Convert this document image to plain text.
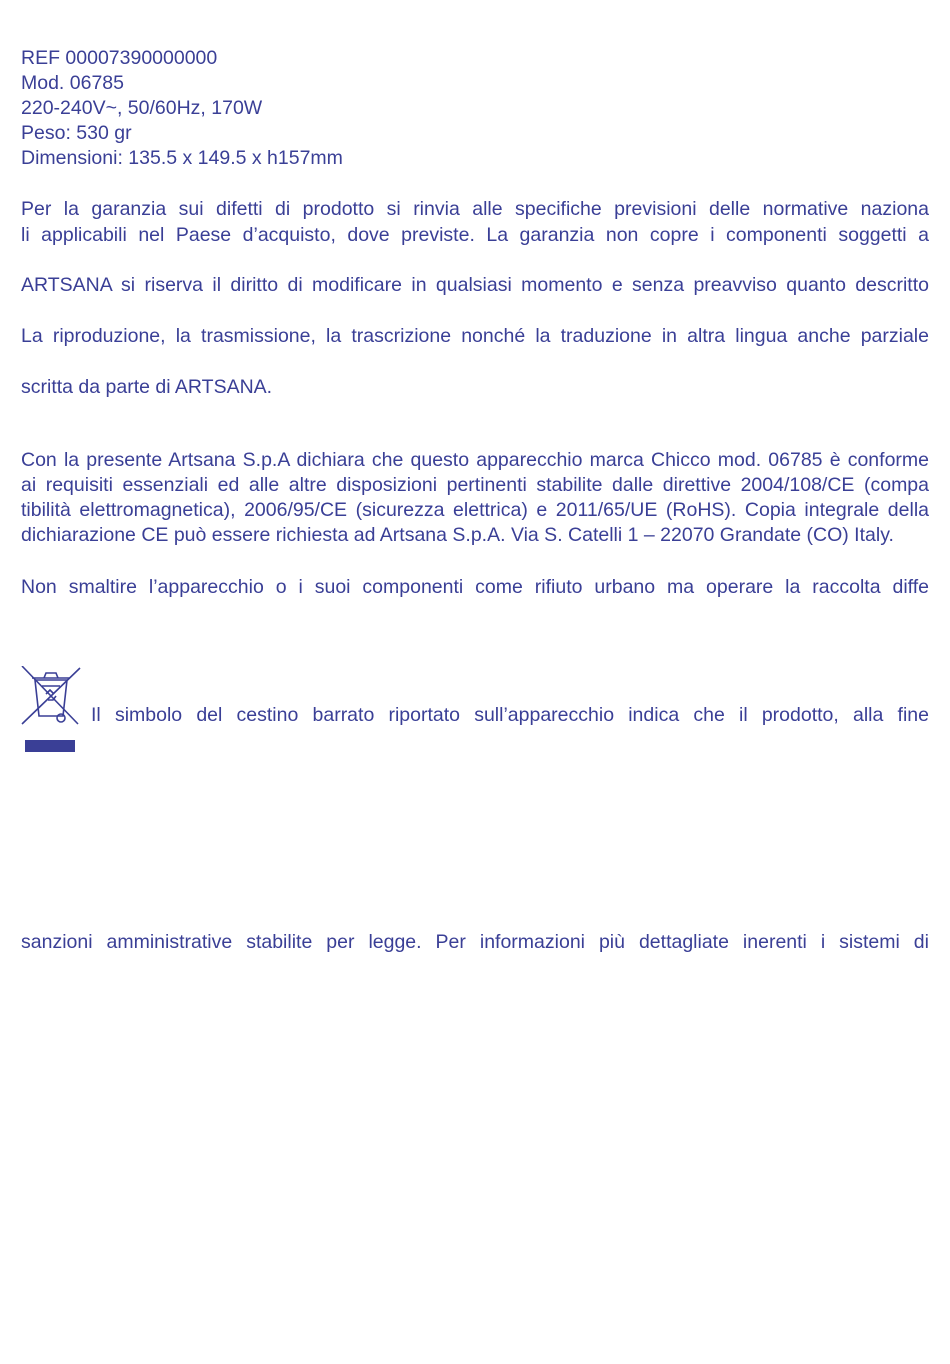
REF 00007390000000

Mod. 06785

220-240V~, 50/60Hz, 170W

Peso: 530 gr

Dimensioni: 135.5 x 149.5 x h157mm

Per la garanzia sui difetti di prodotto si rinvia alle specifiche previsioni delle normative naziona

li applicabili nel Paese d’acquisto, dove previste. La garanzia non copre i componenti soggetti a

ARTSANA si riserva il diritto di modificare in qualsiasi momento e senza preavviso quanto descritto

La riproduzione, la trasmissione, la trascrizione nonché la traduzione in altra lingua anche parziale

scritta da parte di ARTSANA.

Con la presente Artsana S.p.A dichiara che questo apparecchio marca Chicco mod. 06785 è conforme

ai requisiti essenziali ed alle altre disposizioni pertinenti stabilite dalle direttive 2004/108/CE (compa

tibilità elettromagnetica), 2006/95/CE (sicurezza elettrica) e 2011/65/UE (RoHS). Copia integrale della

dichiarazione CE può essere richiesta ad Artsana S.p.A. Via S. Catelli 1 – 22070 Grandate (CO) Italy.

Non smaltire l’apparecchio o i suoi componenti come rifiuto urbano ma operare la raccolta diffe

Il simbolo del cestino barrato riportato sull’apparecchio indica che il prodotto, alla fine

sanzioni amministrative stabilite per legge. Per informazioni più dettagliate inerenti i sistemi di
